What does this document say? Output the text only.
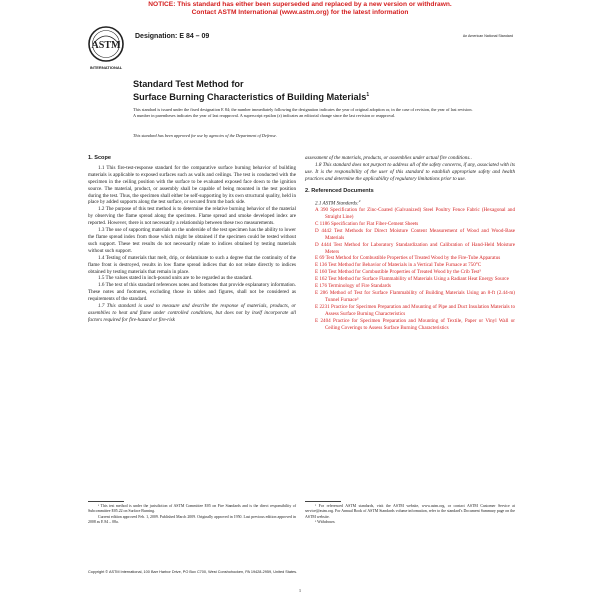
NOTICE: This standard has either been superseded and replaced by a new version or withdrawn.
Contact ASTM International (www.astm.org) for the latest information
ASTM
INTERNATIONAL
Designation: E 84 – 09	An American National Standard
Standard Test Method for
Surface Burning Characteristics of Building Materials$^1$
This standard is issued under the fixed designation E 84; the number immediately following the designation indicates the year of original adoption or, in the case of revision, the year of last revision. A number in parentheses indicates the year of last reapproval. A superscript epsilon (ε) indicates an editorial change since the last revision or reapproval.
This standard has been approved for use by agencies of the Department of Defense.
1. Scope

1.1 This fire-test-response standard for the comparative surface burning behavior of building materials is applicable to exposed surfaces such as walls and ceilings. The test is conducted with the specimen in the ceiling position with the surface to be evaluated exposed face down to the ignition source. The material, product, or assembly shall be capable of being mounted in the test position during the test. Thus, the specimen shall either be self-supporting by its own structural quality, held in place by added supports along the test surface, or secured from the back side.

1.2 The purpose of this test method is to determine the relative burning behavior of the material by observing the flame spread along the specimen. Flame spread and smoke developed index are reported. However, there is not necessarily a relationship between these two measurements.

1.3 The use of supporting materials on the underside of the test specimen has the ability to lower the flame spread index from those which might be obtained if the specimen could be tested without such support. These test results do not necessarily relate to indices obtained by testing materials without such support.

1.4 Testing of materials that melt, drip, or delaminate to such a degree that the continuity of the flame front is destroyed, results in low flame spread indices that do not relate directly to indices obtained by testing materials that remain in place.

1.5 The values stated in inch-pound units are to be regarded as the standard.

1.6 The text of this standard references notes and footnotes that provide explanatory information. These notes and footnotes, excluding those in tables and figures, shall not be considered as requirements of the standard.

1.7 This standard is used to measure and describe the response of materials, products, or assemblies to heat and flame under controlled conditions, but does not by itself incorporate all factors required for fire-hazard or fire-risk

assessment of the materials, products, or assemblies under actual fire conditions..

1.8 This standard does not purport to address all of the safety concerns, if any, associated with its use. It is the responsibility of the user of this standard to establish appropriate safety and health practices and determine the applicability of regulatory limitations prior to use.

2. Referenced Documents
2.1 ASTM Standards:$^2$
A 390 Specification for Zinc-Coated (Galvanized) Steel Poultry Fence Fabric (Hexagonal and Straight Line)
C 1186 Specification for Flat Fiber-Cement Sheets
D 4442 Test Methods for Direct Moisture Content Measurement of Wood and Wood-Base Materials
D 4444 Test Method for Laboratory Standardization and Calibration of Hand-Held Moisture Meters
E 69 Test Method for Combustible Properties of Treated Wood by the Fire-Tube Apparatus
E 136 Test Method for Behavior of Materials in a Vertical Tube Furnace at 750°C
E 160 Test Method for Combustible Properties of Treated Wood by the Crib Test³
E 162 Test Method for Surface Flammability of Materials Using a Radiant Heat Energy Source
E 176 Terminology of Fire Standards
E 286 Method of Test for Surface Flammability of Building Materials Using an 8-ft (2.44-m) Tunnel Furnace³
E 2231 Practice for Specimen Preparation and Mounting of Pipe and Duct Insulation Materials to Assess Surface Burning Characteristics
E 2404 Practice for Specimen Preparation and Mounting of Textile, Paper or Vinyl Wall or Ceiling Coverings to Assess Surface Burning Characteristics
¹ This test method is under the jurisdiction of ASTM Committee E05 on Fire Standards and is the direct responsibility of Subcommittee E05.22 on Surface Burning.
Current edition approved Feb. 1, 2009. Published March 2009. Originally approved in 1950. Last previous edition approved in 2008 as E 84 – 08a.
² For referenced ASTM standards, visit the ASTM website, www.astm.org, or contact ASTM Customer Service at service@astm.org. For Annual Book of ASTM Standards volume information, refer to the standard's Document Summary page on the ASTM website.
³ Withdrawn.
Copyright © ASTM International, 100 Barr Harbor Drive, PO Box C700, West Conshohocken, PA 19428-2959, United States.
1
